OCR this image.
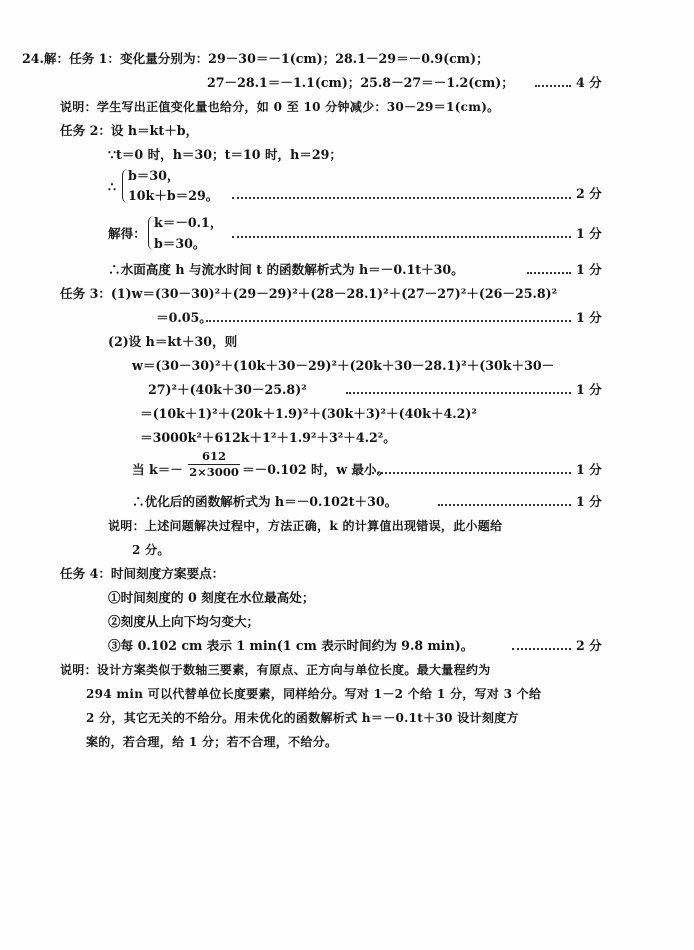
24.解：任务 1：变化量分别为：29－30＝－1(cm)；28.1－29＝－0.9(cm)；
27－28.1＝－1.1(cm)；25.8－27＝－1.2(cm)；	4 分
说明：学生写出正值变化量也给分，如 0 至 10 分钟减少：30－29＝1(cm)。
任务 2：设 h＝kt＋b，
∵t＝0 时，h＝30；t＝10 时，h＝29；
∴
b＝30，
10k＋b＝29。	2 分
解得：
k＝－0.1，
b＝30。
1 分
∴水面高度 h 与流水时间 t 的函数解析式为 h＝－0.1t＋30。	1 分
任务 3：(1)w＝(30－30)²＋(29－29)²＋(28－28.1)²＋(27－27)²＋(26－25.8)²
＝0.05。	1 分
(2)设 h＝kt＋30，则
w＝(30－30)²＋(10k＋30－29)²＋(20k＋30－28.1)²＋(30k＋30－
27)²＋(40k＋30－25.8)²	1 分
＝(10k＋1)²＋(20k＋1.9)²＋(30k＋3)²＋(40k＋4.2)²
＝3000k²＋612k＋1²＋1.9²＋3²＋4.2²。
当 k＝－
612
2×3000 ＝－0.102 时，w 最小。	1 分
∴优化后的函数解析式为 h＝－0.102t＋30。	1 分
说明：上述问题解决过程中，方法正确，k 的计算值出现错误，此小题给
2 分。
任务 4：时间刻度方案要点：
①时间刻度的 0 刻度在水位最高处；
②刻度从上向下均匀变大；
③每 0.102 cm 表示 1 min(1 cm 表示时间约为 9.8 min)。	2 分
说明：设计方案类似于数轴三要素，有原点、正方向与单位长度。最大量程约为
294 min 可以代替单位长度要素，同样给分。写对 1－2 个给 1 分，写对 3 个给
2 分，其它无关的不给分。用未优化的函数解析式 h＝－0.1t＋30 设计刻度方
案的，若合理，给 1 分；若不合理，不给分。
